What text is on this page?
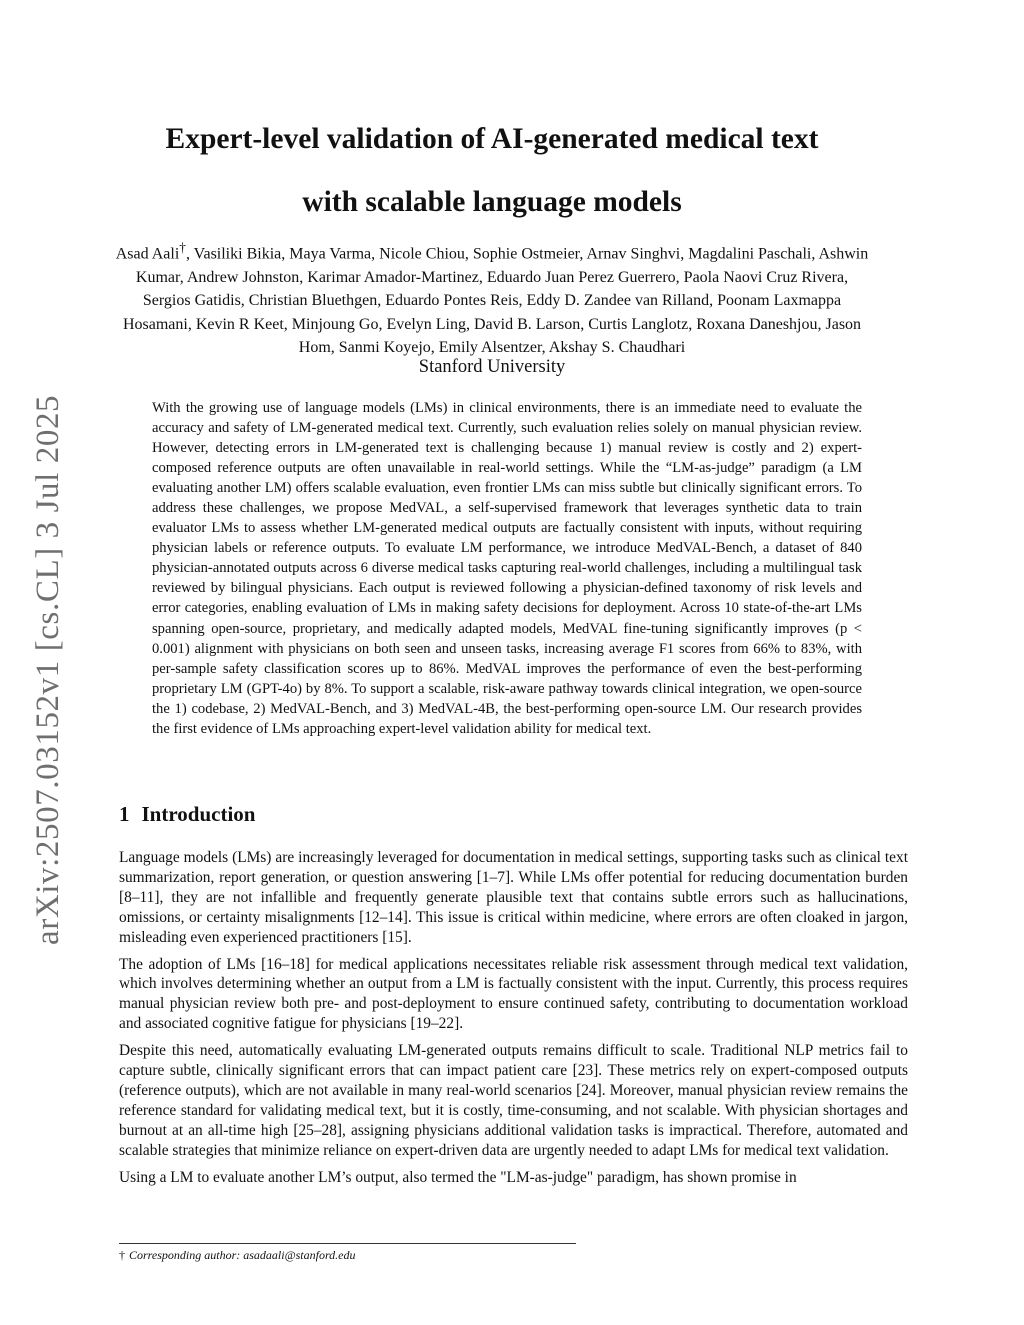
arXiv:2507.03152v1 [cs.CL] 3 Jul 2025
Expert-level validation of AI-generated medical text
with scalable language models
Asad Aali†, Vasiliki Bikia, Maya Varma, Nicole Chiou, Sophie Ostmeier, Arnav Singhvi, Magdalini Paschali, Ashwin Kumar, Andrew Johnston, Karimar Amador-Martinez, Eduardo Juan Perez Guerrero, Paola Naovi Cruz Rivera, Sergios Gatidis, Christian Bluethgen, Eduardo Pontes Reis, Eddy D. Zandee van Rilland, Poonam Laxmappa Hosamani, Kevin R Keet, Minjoung Go, Evelyn Ling, David B. Larson, Curtis Langlotz, Roxana Daneshjou, Jason Hom, Sanmi Koyejo, Emily Alsentzer, Akshay S. Chaudhari
Stanford University
With the growing use of language models (LMs) in clinical environments, there is an immediate need to evaluate the accuracy and safety of LM-generated medical text. Currently, such evaluation relies solely on manual physician review. However, detecting errors in LM-generated text is challenging because 1) manual review is costly and 2) expert-composed reference outputs are often unavailable in real-world settings. While the “LM-as-judge” paradigm (a LM evaluating another LM) offers scalable evaluation, even frontier LMs can miss subtle but clinically significant errors. To address these challenges, we propose MedVAL, a self-supervised framework that leverages synthetic data to train evaluator LMs to assess whether LM-generated medical outputs are factually consistent with inputs, without requiring physician labels or reference outputs. To evaluate LM performance, we introduce MedVAL-Bench, a dataset of 840 physician-annotated outputs across 6 diverse medical tasks capturing real-world challenges, including a multilingual task reviewed by bilingual physicians. Each output is reviewed following a physician-defined taxonomy of risk levels and error categories, enabling evaluation of LMs in making safety decisions for deployment. Across 10 state-of-the-art LMs spanning open-source, proprietary, and medically adapted models, MedVAL fine-tuning significantly improves (p < 0.001) alignment with physicians on both seen and unseen tasks, increasing average F1 scores from 66% to 83%, with per-sample safety classification scores up to 86%. MedVAL improves the performance of even the best-performing proprietary LM (GPT-4o) by 8%. To support a scalable, risk-aware pathway towards clinical integration, we open-source the 1) codebase, 2) MedVAL-Bench, and 3) MedVAL-4B, the best-performing open-source LM. Our research provides the first evidence of LMs approaching expert-level validation ability for medical text.
1 Introduction

Language models (LMs) are increasingly leveraged for documentation in medical settings, supporting tasks such as clinical text summarization, report generation, or question answering [1–7]. While LMs offer potential for reducing documentation burden [8–11], they are not infallible and frequently generate plausible text that contains subtle errors such as hallucinations, omissions, or certainty misalignments [12–14]. This issue is critical within medicine, where errors are often cloaked in jargon, misleading even experienced practitioners [15].

The adoption of LMs [16–18] for medical applications necessitates reliable risk assessment through medical text validation, which involves determining whether an output from a LM is factually consistent with the input. Currently, this process requires manual physician review both pre- and post-deployment to ensure continued safety, contributing to documentation workload and associated cognitive fatigue for physicians [19–22].

Despite this need, automatically evaluating LM-generated outputs remains difficult to scale. Traditional NLP metrics fail to capture subtle, clinically significant errors that can impact patient care [23]. These metrics rely on expert-composed outputs (reference outputs), which are not available in many real-world scenarios [24]. Moreover, manual physician review remains the reference standard for validating medical text, but it is costly, time-consuming, and not scalable. With physician shortages and burnout at an all-time high [25–28], assigning physicians additional validation tasks is impractical. Therefore, automated and scalable strategies that minimize reliance on expert-driven data are urgently needed to adapt LMs for medical text validation.

Using a LM to evaluate another LM’s output, also termed the "LM-as-judge" paradigm, has shown promise in

† Corresponding author: asadaali@stanford.edu
